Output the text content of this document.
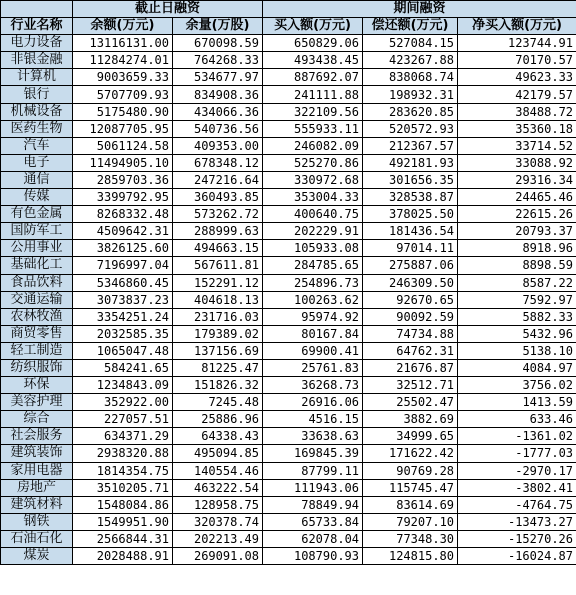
	截止日融资		期间融资		
行业名称	余额(万元)	余量(万股)	买入额(万元)	偿还额(万元)	净买入额(万元)
电力设备	13116131.00	670098.59	650829.06	527084.15	123744.91
非银金融	11284274.01	764268.33	493438.45	423267.88	70170.57
计算机	9003659.33	534677.97	887692.07	838068.74	49623.33
银行	5707709.93	834908.36	241111.88	198932.31	42179.57
机械设备	5175480.90	434066.36	322109.56	283620.85	38488.72
医药生物	12087705.95	540736.56	555933.11	520572.93	35360.18
汽车	5061124.58	409353.00	246082.09	212367.57	33714.52
电子	11494905.10	678348.12	525270.86	492181.93	33088.92
通信	2859703.36	247216.64	330972.68	301656.35	29316.34
传媒	3399792.95	360493.85	353004.33	328538.87	24465.46
有色金属	8268332.48	573262.72	400640.75	378025.50	22615.26
国防军工	4509642.31	288999.63	202229.91	181436.54	20793.37
公用事业	3826125.60	494663.15	105933.08	97014.11	8918.96
基础化工	7196997.04	567611.81	284785.65	275887.06	8898.59
食品饮料	5346860.45	152291.12	254896.73	246309.50	8587.22
交通运输	3073837.23	404618.13	100263.62	92670.65	7592.97
农林牧渔	3354251.24	231716.03	95974.92	90092.59	5882.33
商贸零售	2032585.35	179389.02	80167.84	74734.88	5432.96
轻工制造	1065047.48	137156.69	69900.41	64762.31	5138.10
纺织服饰	584241.65	81225.47	25761.83	21676.87	4084.97
环保	1234843.09	151826.32	36268.73	32512.71	3756.02
美容护理	352922.00	7245.48	26916.06	25502.47	1413.59
综合	227057.51	25886.96	4516.15	3882.69	633.46
社会服务	634371.29	64338.43	33638.63	34999.65	-1361.02
建筑装饰	2938320.88	495094.85	169845.39	171622.42	-1777.03
家用电器	1814354.75	140554.46	87799.11	90769.28	-2970.17
房地产	3510205.71	463222.54	111943.06	115745.47	-3802.41
建筑材料	1548084.86	128958.75	78849.94	83614.69	-4764.75
钢铁	1549951.90	320378.74	65733.84	79207.10	-13473.27
石油石化	2566844.31	202213.49	62078.04	77348.30	-15270.26
煤炭	2028488.91	269091.08	108790.93	124815.80	-16024.87
